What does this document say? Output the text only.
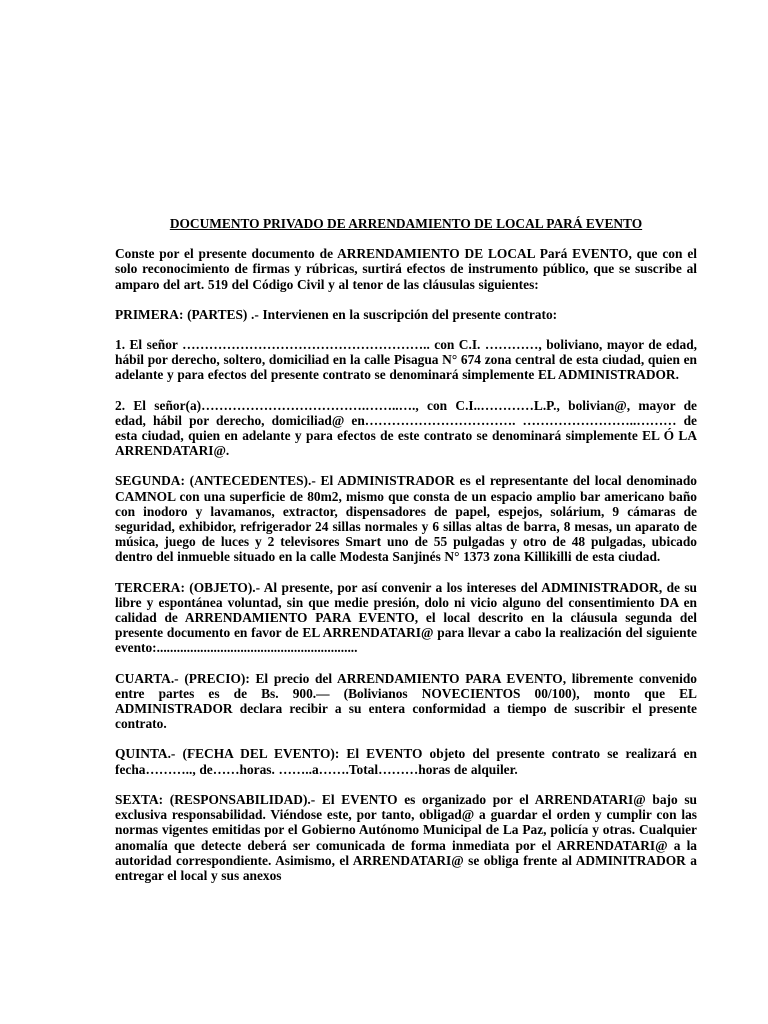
DOCUMENTO PRIVADO DE ARRENDAMIENTO DE LOCAL PARÁ EVENTO
Conste por el presente documento de ARRENDAMIENTO DE LOCAL Pará EVENTO, que con el solo reconocimiento de firmas y rúbricas, surtirá efectos de instrumento público, que se suscribe al amparo del art. 519 del Código Civil y al tenor de las cláusulas siguientes:
PRIMERA: (PARTES) .- Intervienen en la suscripción del presente contrato:
1. El señor ……………………………………………….. con C.I. …………, boliviano, mayor de edad, hábil por derecho, soltero, domiciliad en la calle Pisagua N° 674 zona central de esta ciudad, quien en adelante y para efectos del presente contrato se denominará simplemente EL ADMINISTRADOR.
2. El señor(a)……………………………….……..…., con C.I..…………L.P., bolivian@, mayor de edad, hábil por derecho, domiciliad@ en……………………………. ……………………..……… de esta ciudad, quien en adelante y para efectos de este contrato se denominará simplemente EL Ó LA ARRENDATARI@.
SEGUNDA: (ANTECEDENTES).- El ADMINISTRADOR es el representante del local denominado CAMNOL con una superficie de 80m2, mismo que consta de un espacio amplio bar americano baño con inodoro y lavamanos, extractor, dispensadores de papel, espejos, solárium, 9 cámaras de seguridad, exhibidor, refrigerador 24 sillas normales y 6 sillas altas de barra, 8 mesas, un aparato de música, juego de luces y 2 televisores Smart uno de 55 pulgadas y otro de 48 pulgadas, ubicado dentro del inmueble situado en la calle Modesta Sanjinés N° 1373 zona Killikilli de esta ciudad.
TERCERA: (OBJETO).- Al presente, por así convenir a los intereses del ADMINISTRADOR, de su libre y espontánea voluntad, sin que medie presión, dolo ni vicio alguno del consentimiento DA en calidad de ARRENDAMIENTO PARA EVENTO, el local descrito en la cláusula segunda del presente documento en favor de EL ARRENDATARI@ para llevar a cabo la realización del siguiente evento:............................................................
CUARTA.- (PRECIO): El precio del ARRENDAMIENTO PARA EVENTO, libremente convenido entre partes es de Bs. 900.— (Bolivianos NOVECIENTOS 00/100), monto que EL ADMINISTRADOR declara recibir a su entera conformidad a tiempo de suscribir el presente contrato.
QUINTA.- (FECHA DEL EVENTO): El EVENTO objeto del presente contrato se realizará en fecha……….., de……horas. ……..a…….Total………horas de alquiler.
SEXTA: (RESPONSABILIDAD).- El EVENTO es organizado por el ARRENDATARI@ bajo su exclusiva responsabilidad. Viéndose este, por tanto, obligad@ a guardar el orden y cumplir con las normas vigentes emitidas por el Gobierno Autónomo Municipal de La Paz, policía y otras. Cualquier anomalía que detecte deberá ser comunicada de forma inmediata por el ARRENDATARI@ a la autoridad correspondiente. Asimismo, el ARRENDATARI@ se obliga frente al ADMINITRADOR a entregar el local y sus anexos
